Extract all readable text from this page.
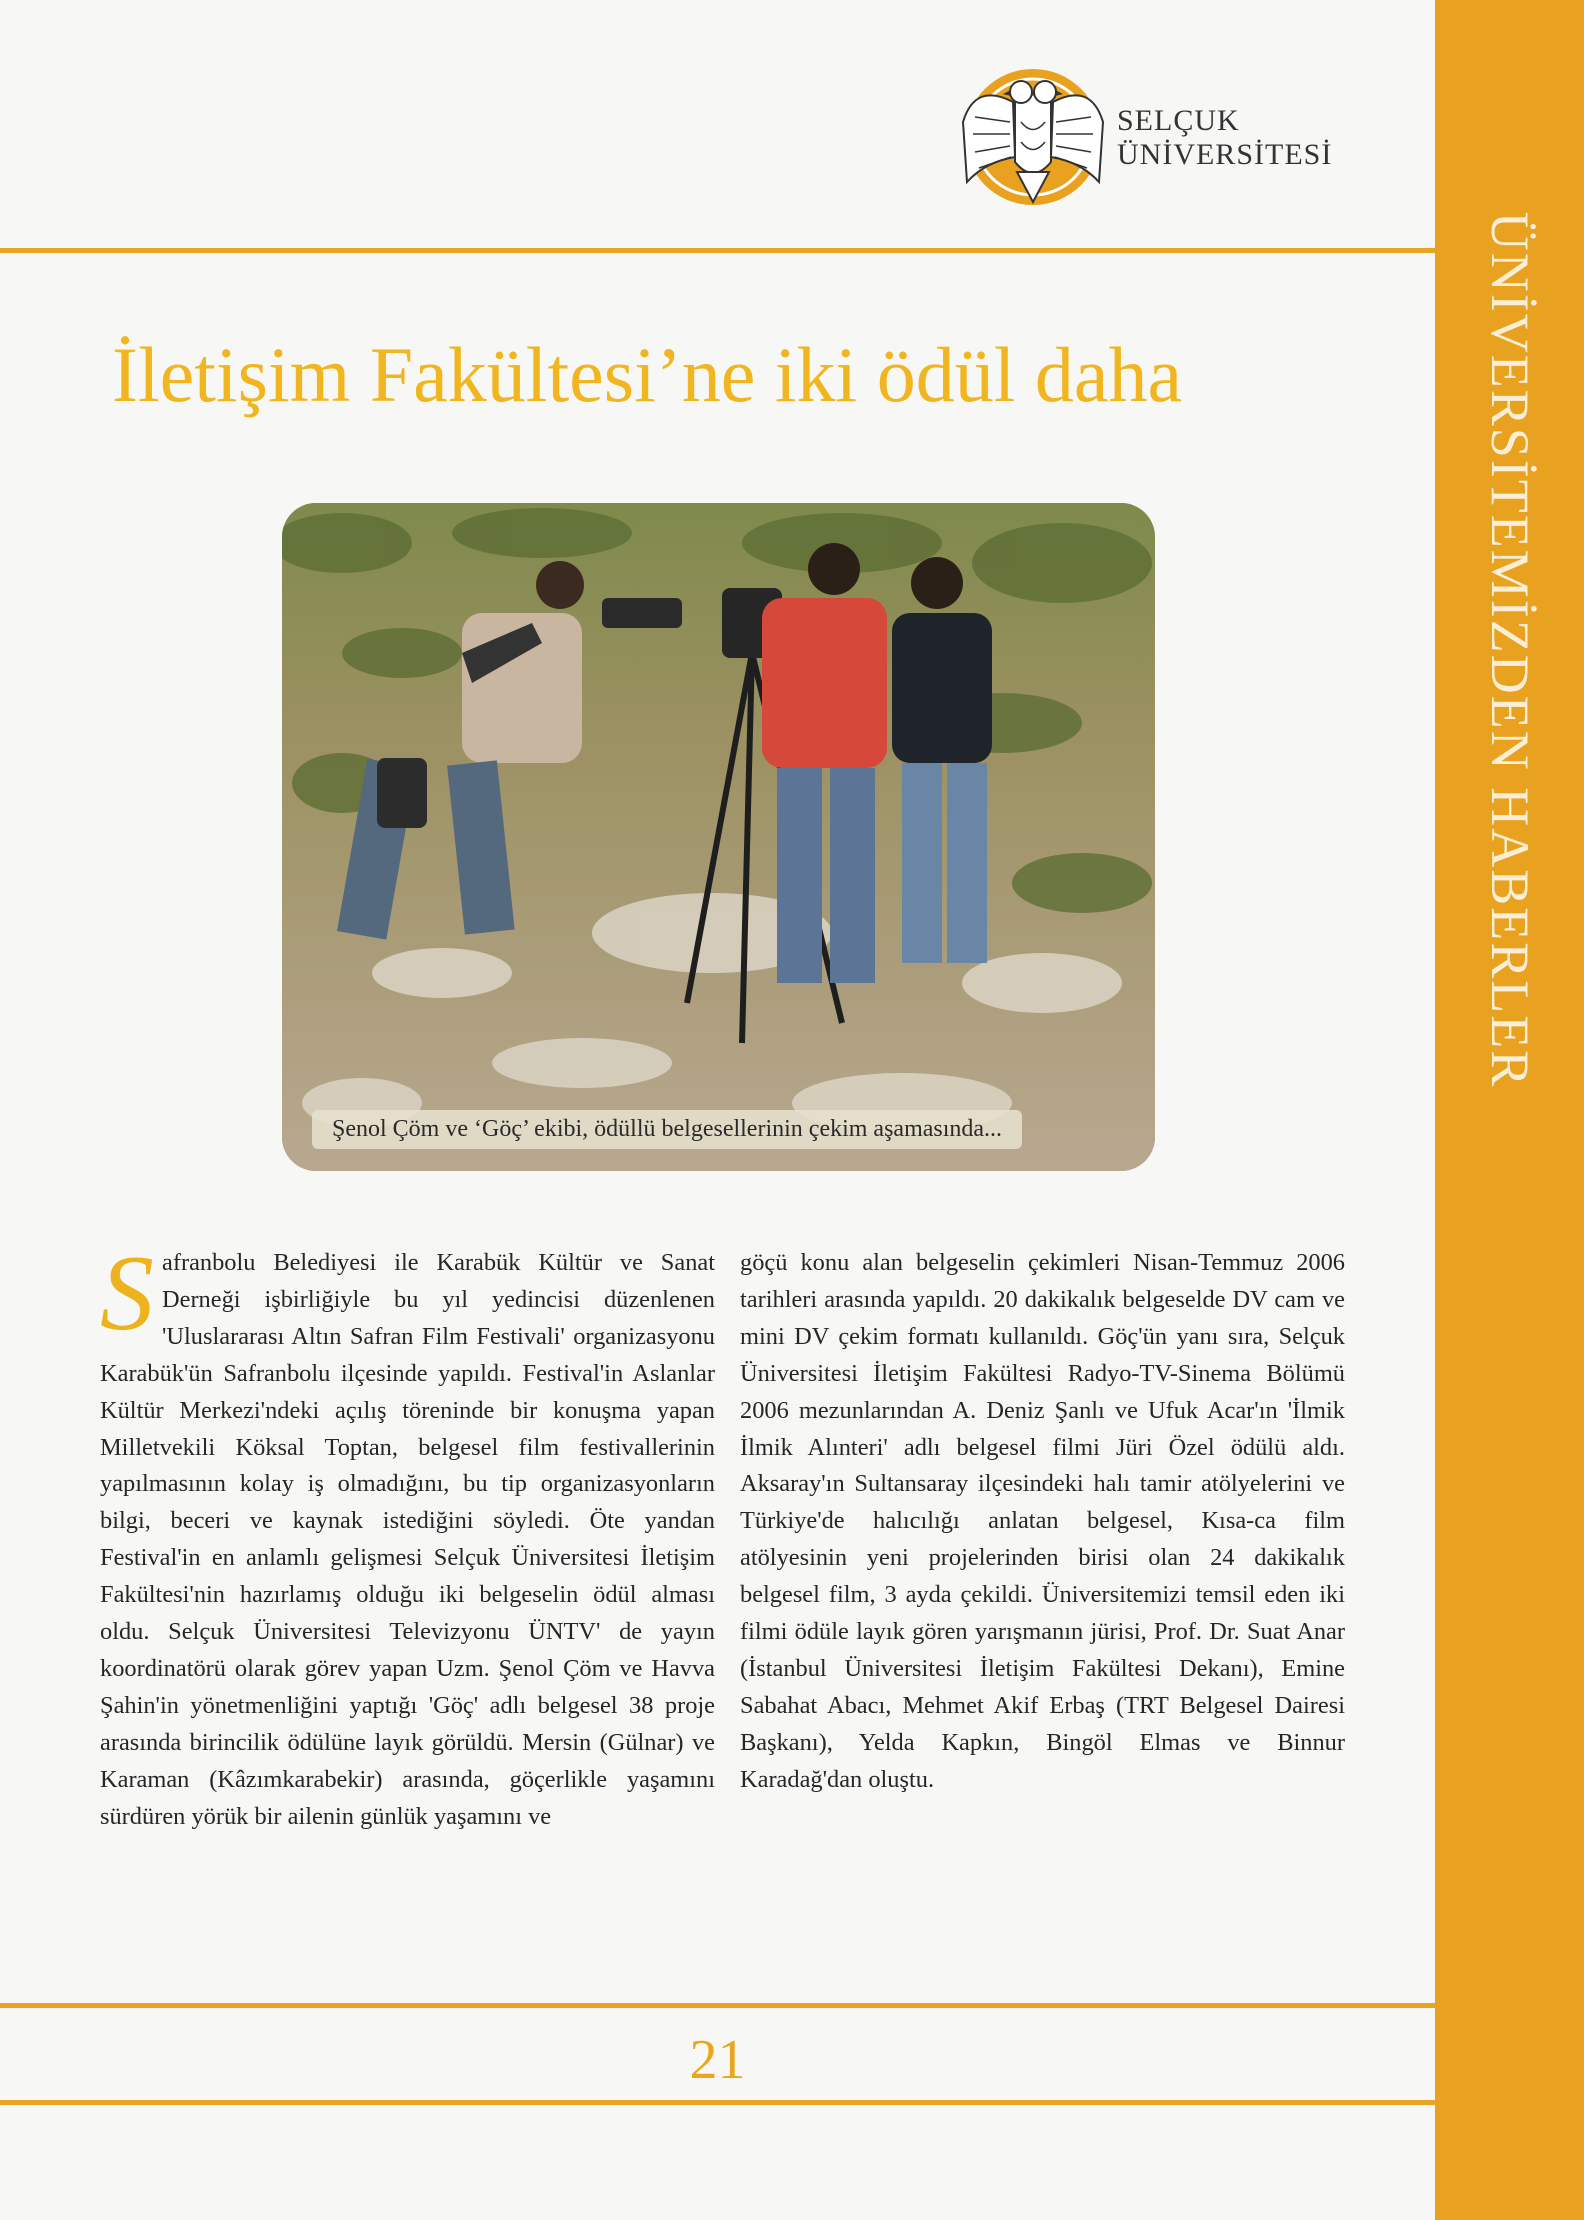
SELÇUK
ÜNİVERSİTESİ
ÜNİVERSİTEMİZDEN HABERLER
İletişim Fakültesi’ne iki ödül daha
Şenol Çöm ve ‘Göç’ ekibi, ödüllü belgesellerinin çekim aşamasında...
Safranbolu Belediyesi ile Karabük Kültür ve Sanat Derneği işbirliğiyle bu yıl yedincisi düzenlenen 'Uluslararası Altın Safran Film Festivali' organizasyonu Karabük'ün Safranbolu ilçesinde yapıldı. Festival'in Aslanlar Kültür Merkezi'ndeki açılış töreninde bir konuşma yapan Milletvekili Köksal Toptan, belgesel film festivallerinin yapılmasının kolay iş olmadığını, bu tip organizasyonların bilgi, beceri ve kaynak istediğini söyledi. Öte yandan Festival'in en anlamlı gelişmesi Selçuk Üniversitesi İletişim Fakültesi'nin hazırlamış olduğu iki belgeselin ödül alması oldu. Selçuk Üniversitesi Televizyonu ÜNTV' de yayın koordinatörü olarak görev yapan Uzm. Şenol Çöm ve Havva Şahin'in yönetmenliğini yaptığı 'Göç' adlı belgesel 38 proje arasında birincilik ödülüne layık görüldü. Mersin (Gülnar) ve Karaman (Kâzımkarabekir) arasında, göçerlikle yaşamını sürdüren yörük bir ailenin günlük yaşamını ve
göçü konu alan belgeselin çekimleri Nisan-Temmuz 2006 tarihleri arasında yapıldı. 20 dakikalık belgeselde DV cam ve mini DV çekim formatı kullanıldı. Göç'ün yanı sıra, Selçuk Üniversitesi İletişim Fakültesi Radyo-TV-Sinema Bölümü 2006 mezunlarından A. Deniz Şanlı ve Ufuk Acar'ın 'İlmik İlmik Alınteri' adlı belgesel filmi Jüri Özel ödülü aldı. Aksaray'ın Sultansaray ilçesindeki halı tamir atölyelerini ve Türkiye'de halıcılığı anlatan belgesel, Kısa-ca film atölyesinin yeni projelerinden birisi olan 24 dakikalık belgesel film, 3 ayda çekildi. Üniversitemizi temsil eden iki filmi ödüle layık gören yarışmanın jürisi, Prof. Dr. Suat Anar (İstanbul Üniversitesi İletişim Fakültesi Dekanı), Emine Sabahat Abacı, Mehmet Akif Erbaş (TRT Belgesel Dairesi Başkanı), Yelda Kapkın, Bingöl Elmas ve Binnur Karadağ'dan oluştu.
21
